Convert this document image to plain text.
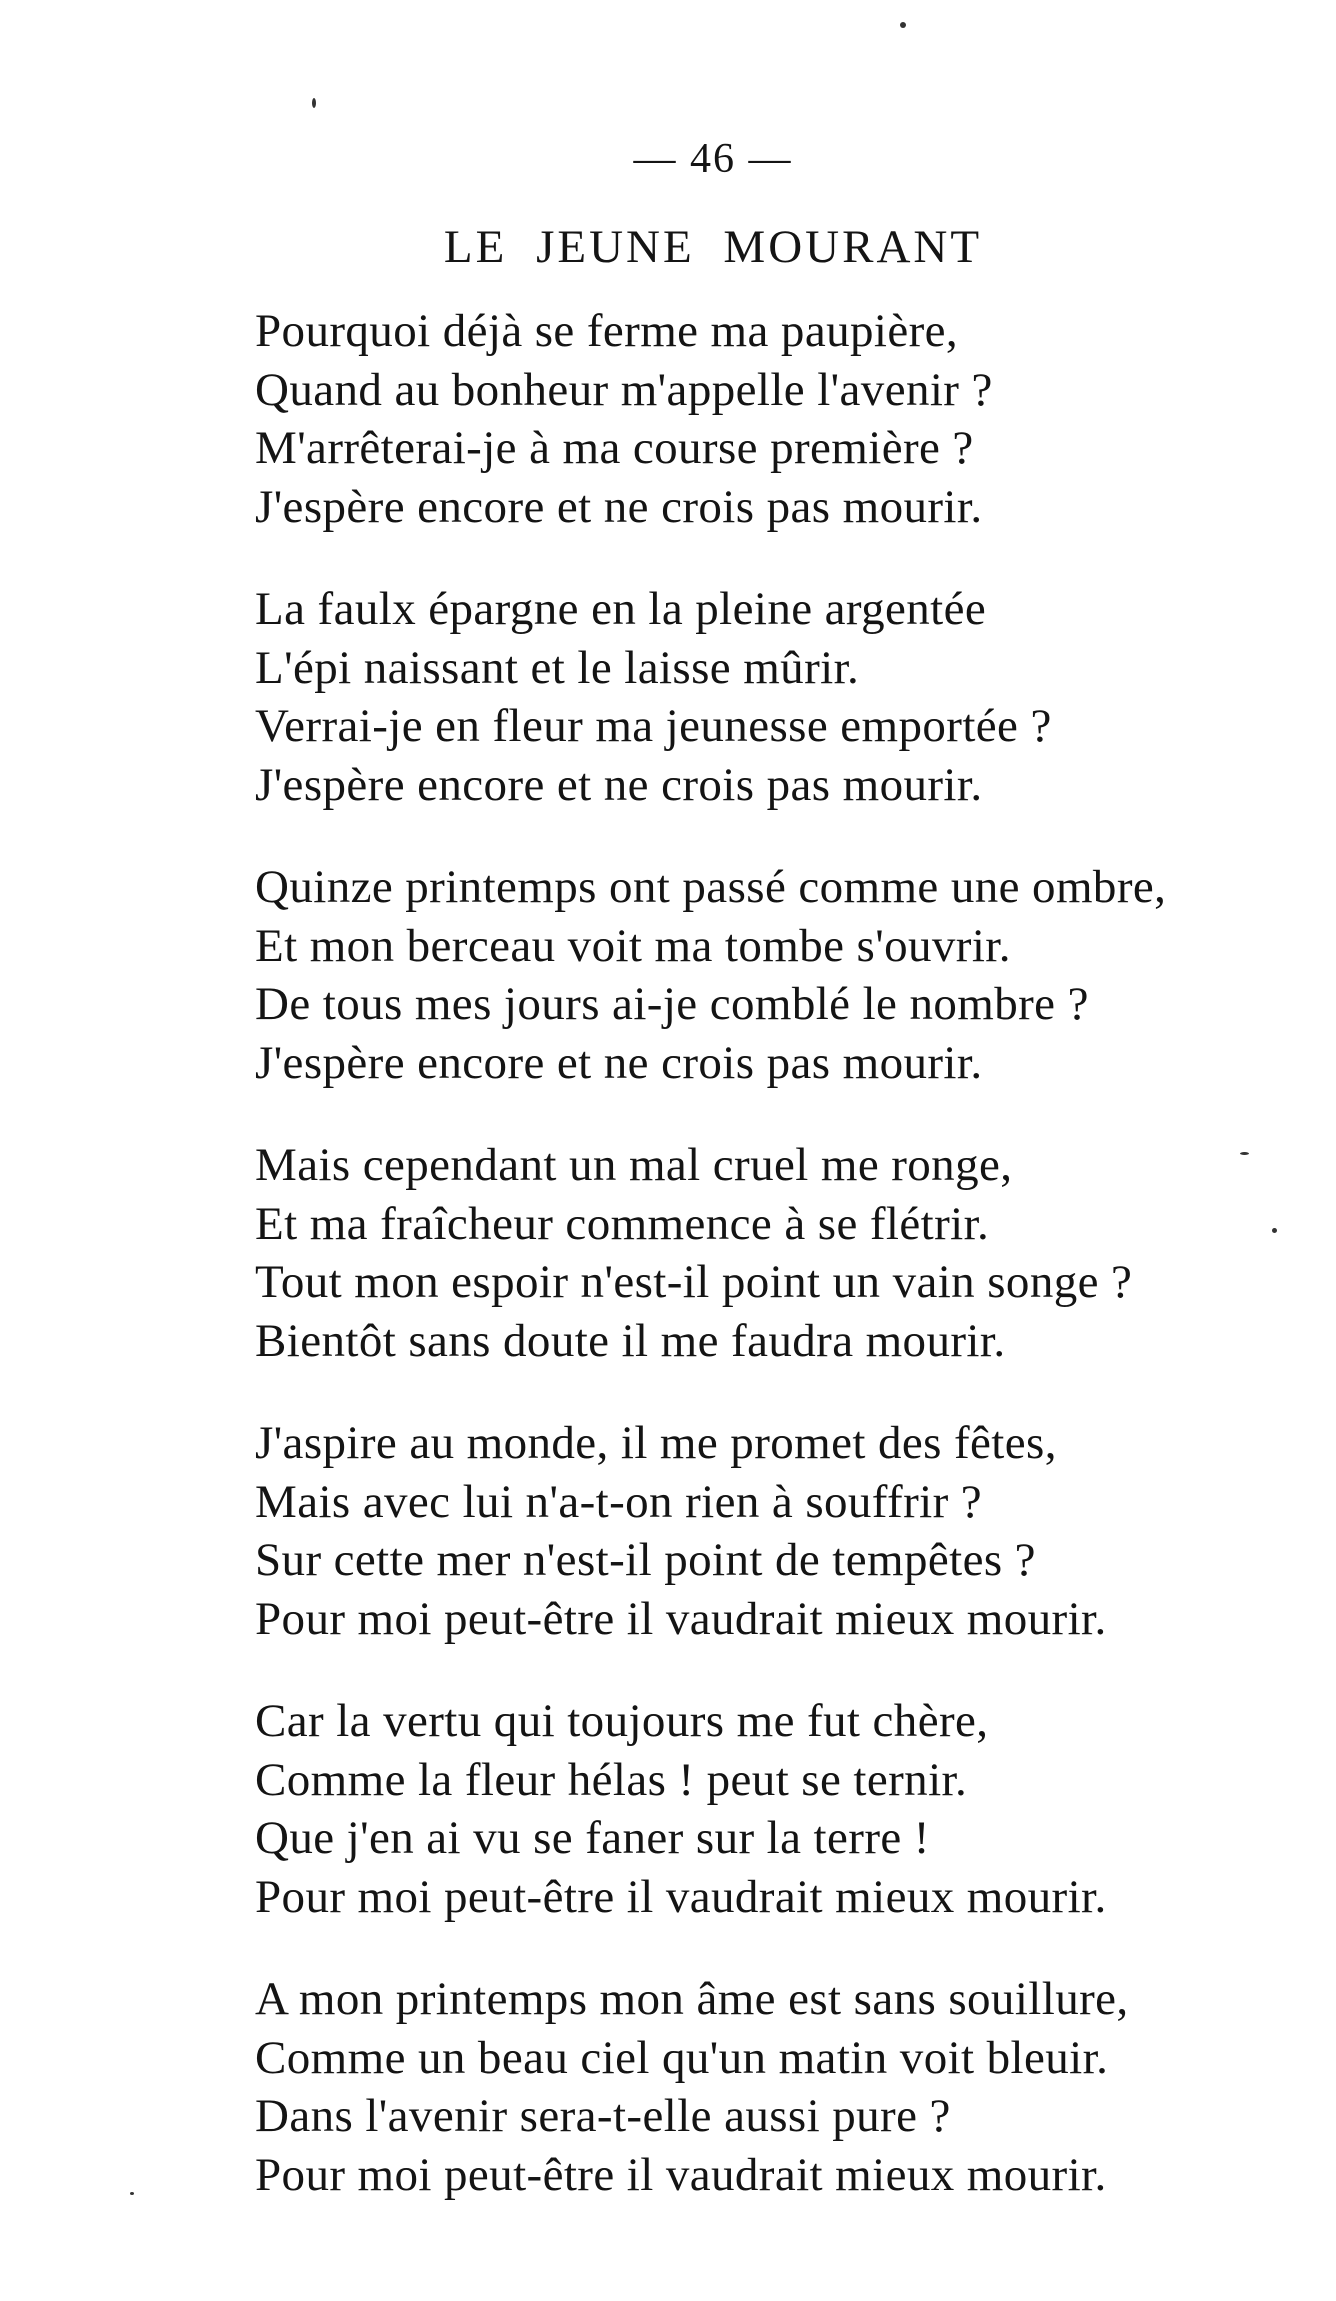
— 46 —
LE JEUNE MOURANT
Pourquoi déjà se ferme ma paupière,
Quand au bonheur m'appelle l'avenir ?
M'arrêterai-je à ma course première ?
J'espère encore et ne crois pas mourir.
La faulx épargne en la pleine argentée
L'épi naissant et le laisse mûrir.
Verrai-je en fleur ma jeunesse emportée ?
J'espère encore et ne crois pas mourir.
Quinze printemps ont passé comme une ombre,
Et mon berceau voit ma tombe s'ouvrir.
De tous mes jours ai-je comblé le nombre ?
J'espère encore et ne crois pas mourir.
Mais cependant un mal cruel me ronge,
Et ma fraîcheur commence à se flétrir.
Tout mon espoir n'est-il point un vain songe ?
Bientôt sans doute il me faudra mourir.
J'aspire au monde, il me promet des fêtes,
Mais avec lui n'a-t-on rien à souffrir ?
Sur cette mer n'est-il point de tempêtes ?
Pour moi peut-être il vaudrait mieux mourir.
Car la vertu qui toujours me fut chère,
Comme la fleur hélas ! peut se ternir.
Que j'en ai vu se faner sur la terre !
Pour moi peut-être il vaudrait mieux mourir.
A mon printemps mon âme est sans souillure,
Comme un beau ciel qu'un matin voit bleuir.
Dans l'avenir sera-t-elle aussi pure ?
Pour moi peut-être il vaudrait mieux mourir.
